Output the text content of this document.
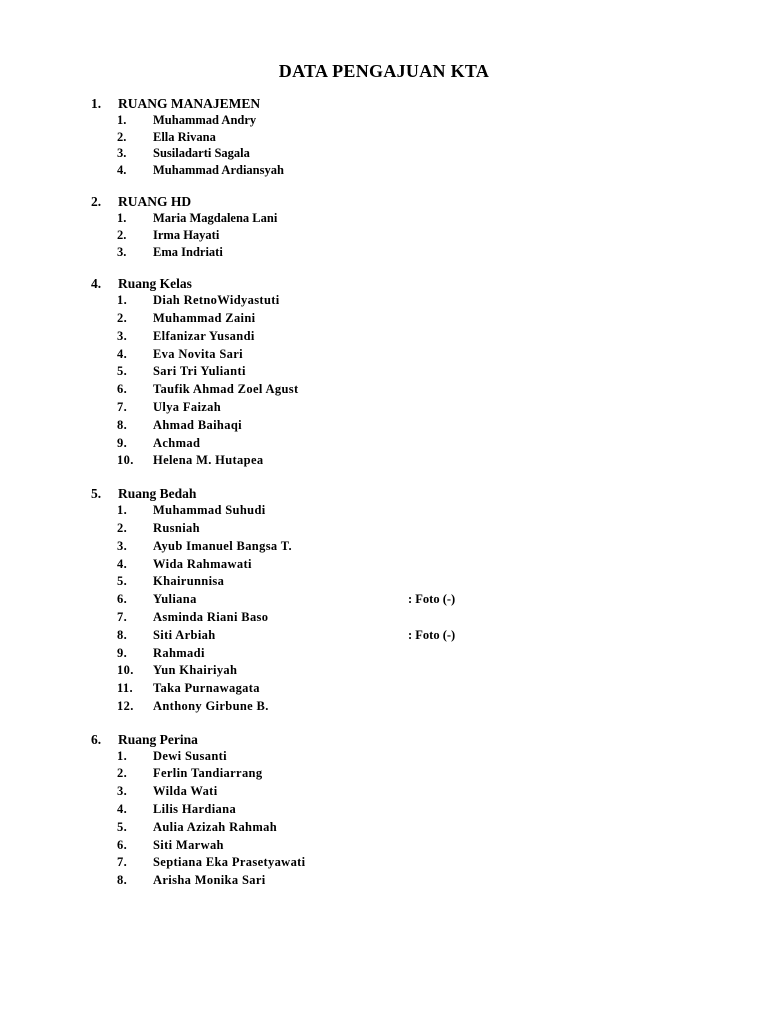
DATA PENGAJUAN KTA
1. RUANG MANAJEMEN
1. Muhammad Andry
2. Ella Rivana
3. Susiladarti Sagala
4. Muhammad Ardiansyah
2. RUANG HD
1. Maria Magdalena Lani
2. Irma Hayati
3. Ema Indriati
4. Ruang Kelas
1. Diah RetnoWidyastuti
2. Muhammad Zaini
3. Elfanizar Yusandi
4. Eva Novita Sari
5. Sari Tri Yulianti
6. Taufik Ahmad Zoel Agust
7. Ulya Faizah
8. Ahmad Baihaqi
9. Achmad
10. Helena M. Hutapea
5. Ruang Bedah
1. Muhammad Suhudi
2. Rusniah
3. Ayub Imanuel Bangsa T.
4. Wida Rahmawati
5. Khairunnisa
6. Yuliana	: Foto (-)
7. Asminda Riani Baso
8. Siti Arbiah	: Foto (-)
9. Rahmadi
10. Yun Khairiyah
11. Taka Purnawagata
12. Anthony Girbune B.
6. Ruang Perina
1. Dewi Susanti
2. Ferlin Tandiarrang
3. Wilda Wati
4. Lilis Hardiana
5. Aulia Azizah Rahmah
6. Siti Marwah
7. Septiana Eka Prasetyawati
8. Arisha Monika Sari
